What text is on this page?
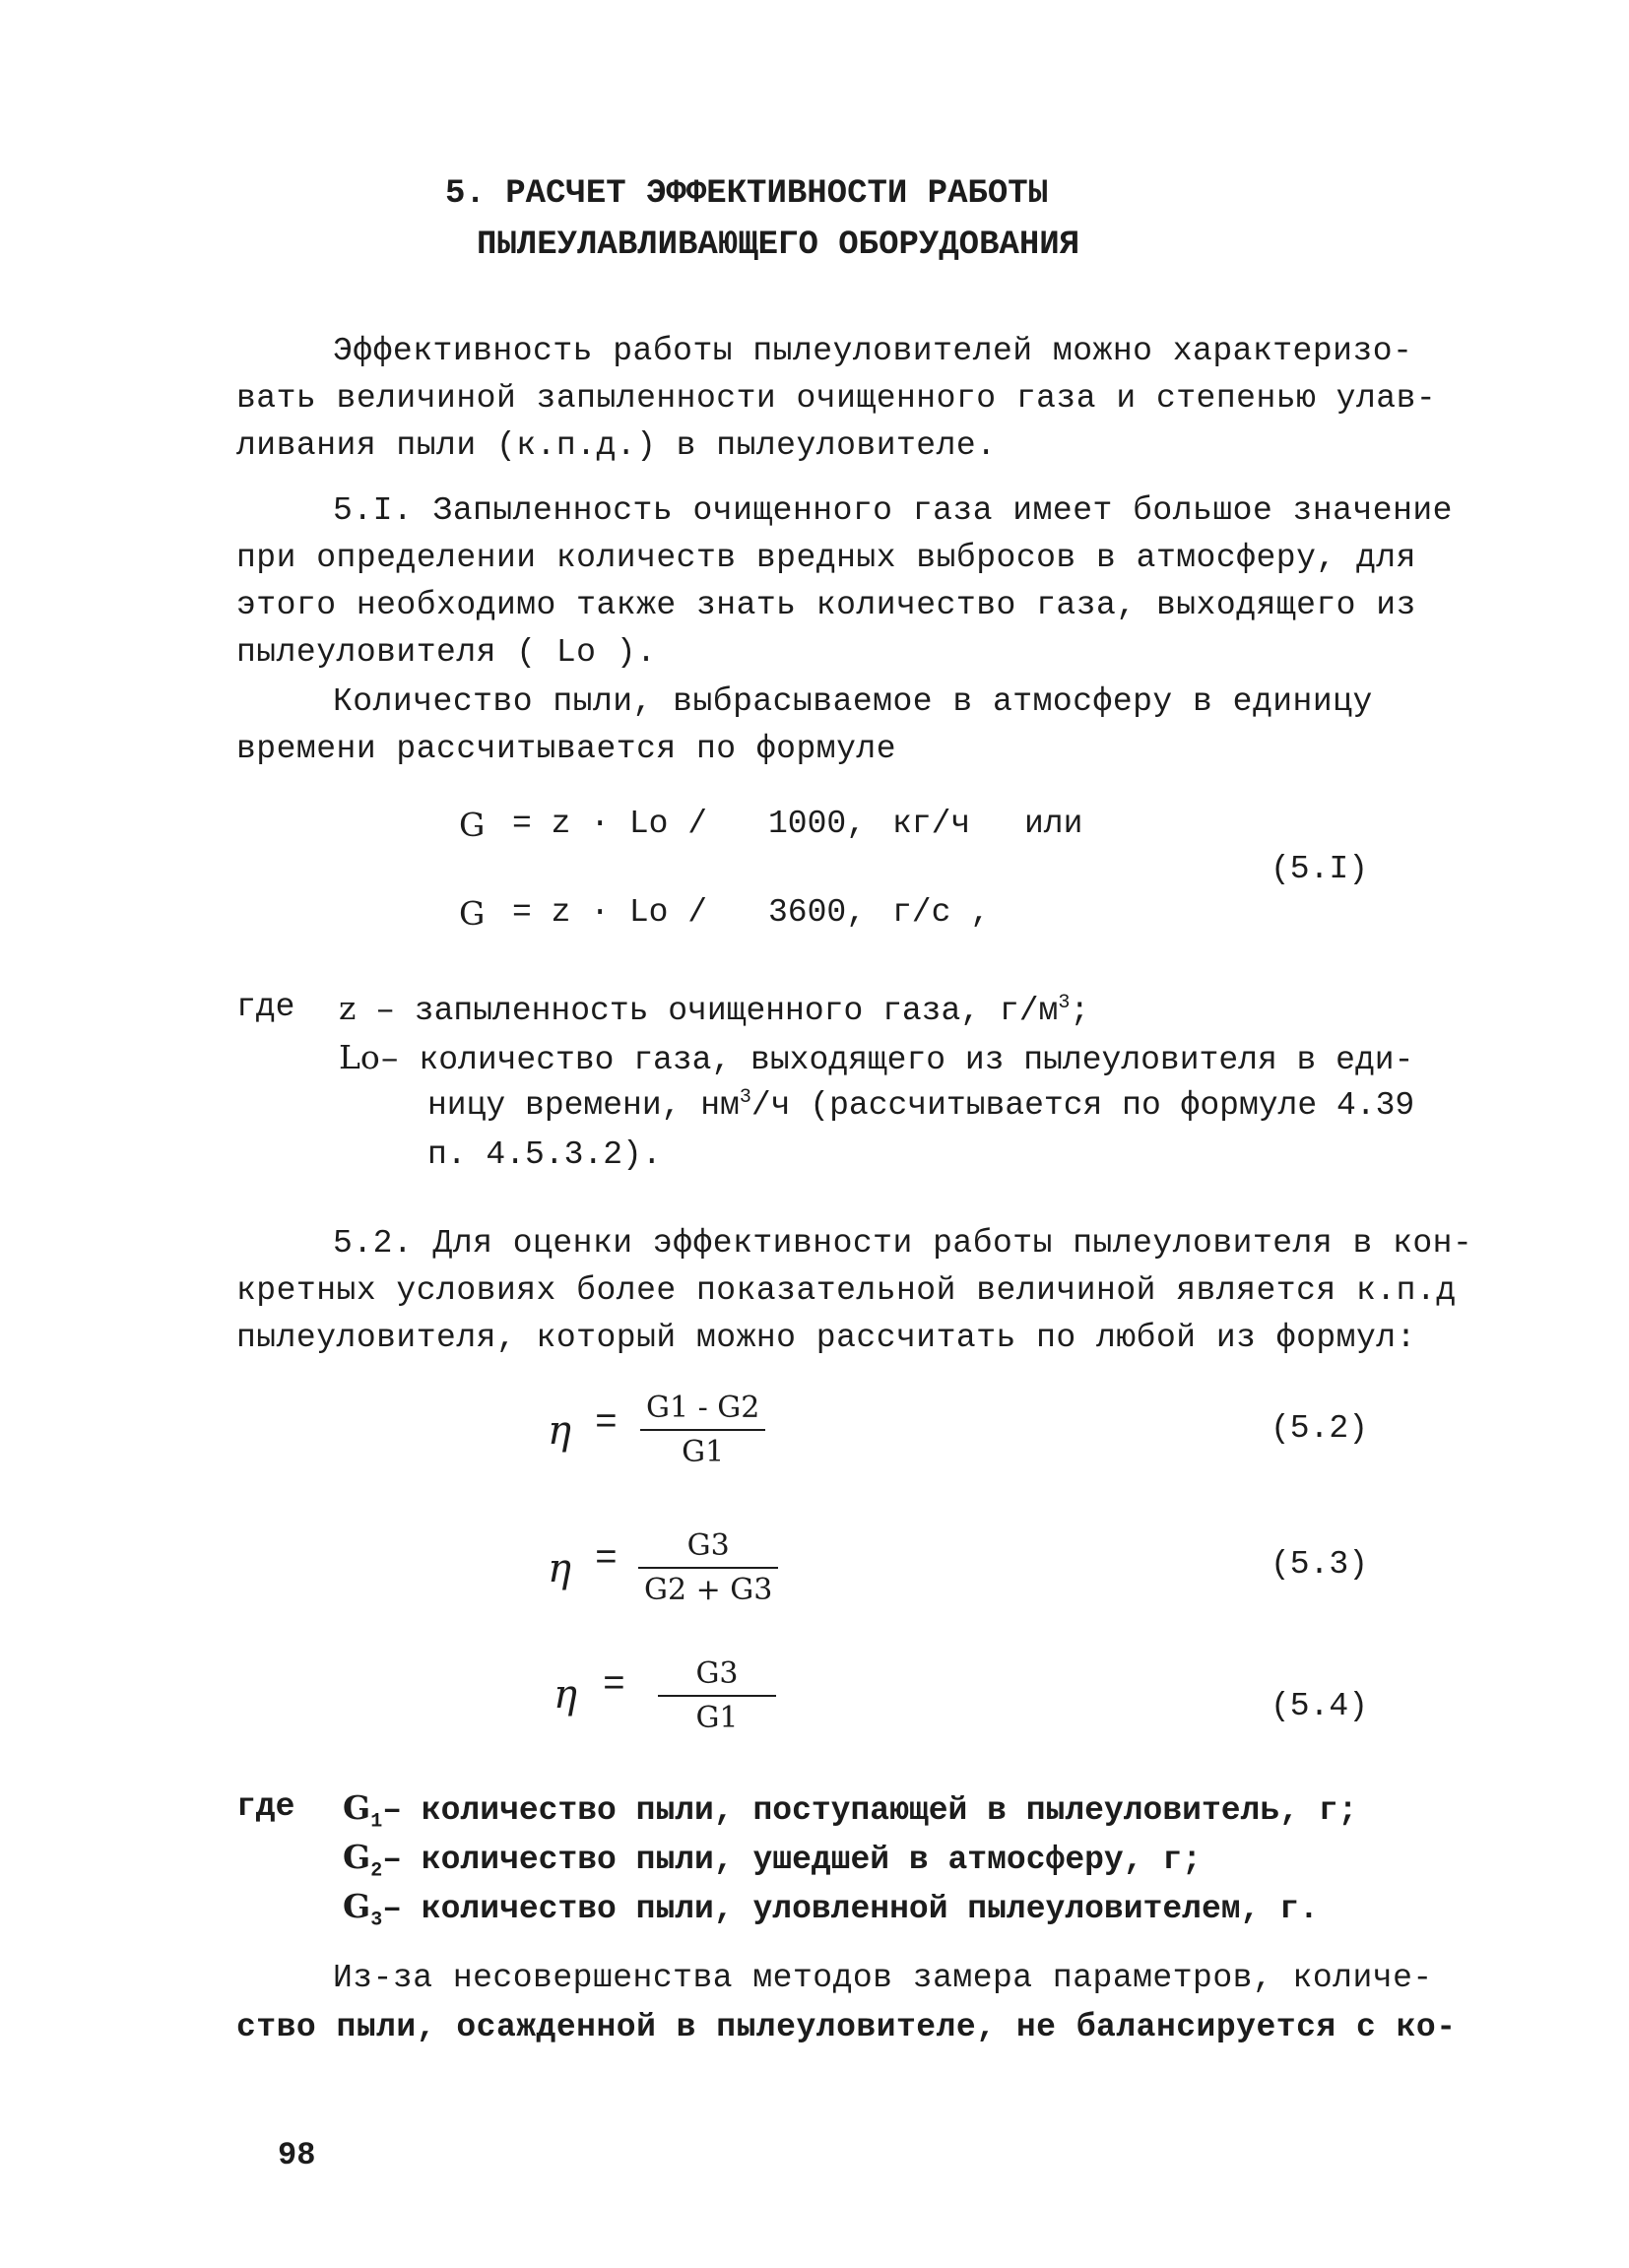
5. РАСЧЕТ ЭФФЕКТИВНОСТИ РАБОТЫ
ПЫЛЕУЛАВЛИВАЮЩЕГО ОБОРУДОВАНИЯ
Эффективность работы пылеуловителей можно характеризо-
вать величиной запыленности очищенного газа и степенью улав-
ливания пыли (к.п.д.) в пылеуловителе.
5.I. Запыленность очищенного газа имеет большое значение
при определении количеств вредных выбросов в атмосферу, для
этого необходимо также знать количество газа, выходящего из
пылеуловителя ( Lo ).
Количество пыли, выбрасываемое в атмосферу в единицу
времени рассчитывается по формуле
G = z · Lo / 1000, кг/ч или
G = z · Lo / 3600, г/с ,
(5.I)
где z – запыленность очищенного газа, $г/м^3$;
Lo– количество газа, выходящего из пылеуловителя в еди-
ницу времени, $нм^3/ч$ (рассчитывается по формуле 4.39
п. 4.5.3.2).
5.2. Для оценки эффективности работы пылеуловителя в кон-
кретных условиях более показательной величиной является к.п.д
пылеуловителя, который можно рассчитать по любой из формул:
$\eta = \frac{G1 - G2}{G1}$	(5.2)
$\eta = \frac{G3}{G2 + G3}$	(5.3)
$\eta = \frac{G3}{G1}$	(5.4)
где $G_1-$ количество пыли, поступающей в пылеуловитель, г;
$G_2-$ количество пыли, ушедшей в атмосферу, г;
$G_3-$ количество пыли, уловленной пылеуловителем, г.
Из-за несовершенства методов замера параметров, количе-
ство пыли, осажденной в пылеуловителе, не балансируется с ко-
98
